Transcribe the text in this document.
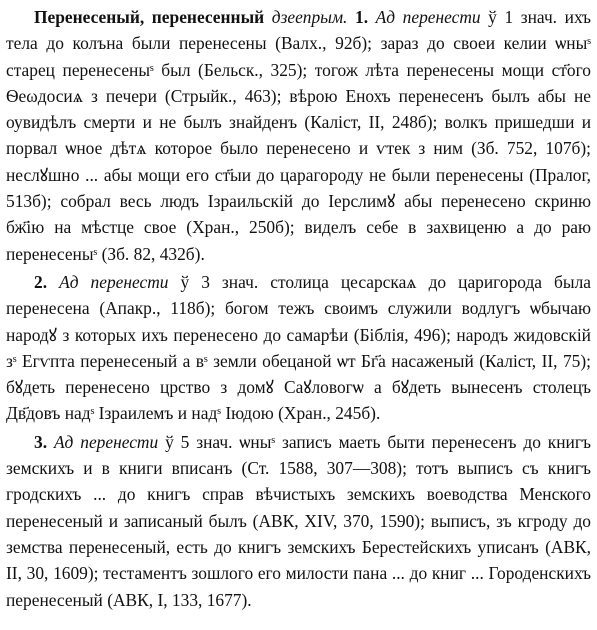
Перенесеный, перенесенный дзеeпрым. 1. Ад перенести ў 1 знач. ихъ тела до колъна были перенесены (Валх., 92б); зараз до своеи келии ѡныˢ старец перенесеныˢ был (Бельск., 325); тогож лѣта перенесены мощи ст҃ого Ѳеωдосиѧ з печери (Стрыйк., 463); вѣрою Енохъ перенесенъ былъ абы не оувидѣлъ смерти и не былъ знайденъ (Каліст, II, 248б); волкъ пришедши и порвал ѡное дѣтѧ которое было перенесено и ѵтек з ним (Зб. 752, 107б); неслꙋшно ... абы мощи его ст҃ыи до царагороду не были перенесены (Пралог, 513б); собрал весь людъ Ізраильскій до Іерслимꙋ абы перенесено скриню бж҃ію на мѣстце свое (Хран., 250б); виделъ себе в захвиценю а до раю перенесеныˢ (Зб. 82, 432б).

2. Ад перенести ў 3 знач. столица цесарскаѧ до царигорода была перенесена (Апакр., 118б); богом тежъ своимъ служили водлугъ ѡбычаю народꙋ з которых ихъ перенесено до самарѣи (Біблія, 496); народъ жидовскій зˢ Егѵпта перенесеный а вˢ земли обецаной ѡт Бг҃а насаженый (Каліст, II, 75); бꙋдеть перенесено црство з домꙋ Саꙋловогѡ а бꙋдеть вынесенъ столецъ Дв҃довъ надˢ Ізраилемъ и надˢ Іюдою (Хран., 245б).

3. Ад перенести ў 5 знач. ѡныˢ записъ маеть быти перенесенъ до книгъ земскихъ и в книги вписанъ (Ст. 1588, 307—308); тотъ выписъ съ книгъ гродскихъ ... до книгъ справ вѣчистыхъ земскихъ воеводства Менского перенесеный и записаный былъ (АВК, XIV, 370, 1590); выписъ, зъ кгроду до земства перенесеный, есть до книгъ земскихъ Берестейскихъ уписанъ (АВК, II, 30, 1609); тестаментъ зошлого его милости пана ... до книг ... Городенскихъ перенесеный (АВК, I, 133, 1677).
